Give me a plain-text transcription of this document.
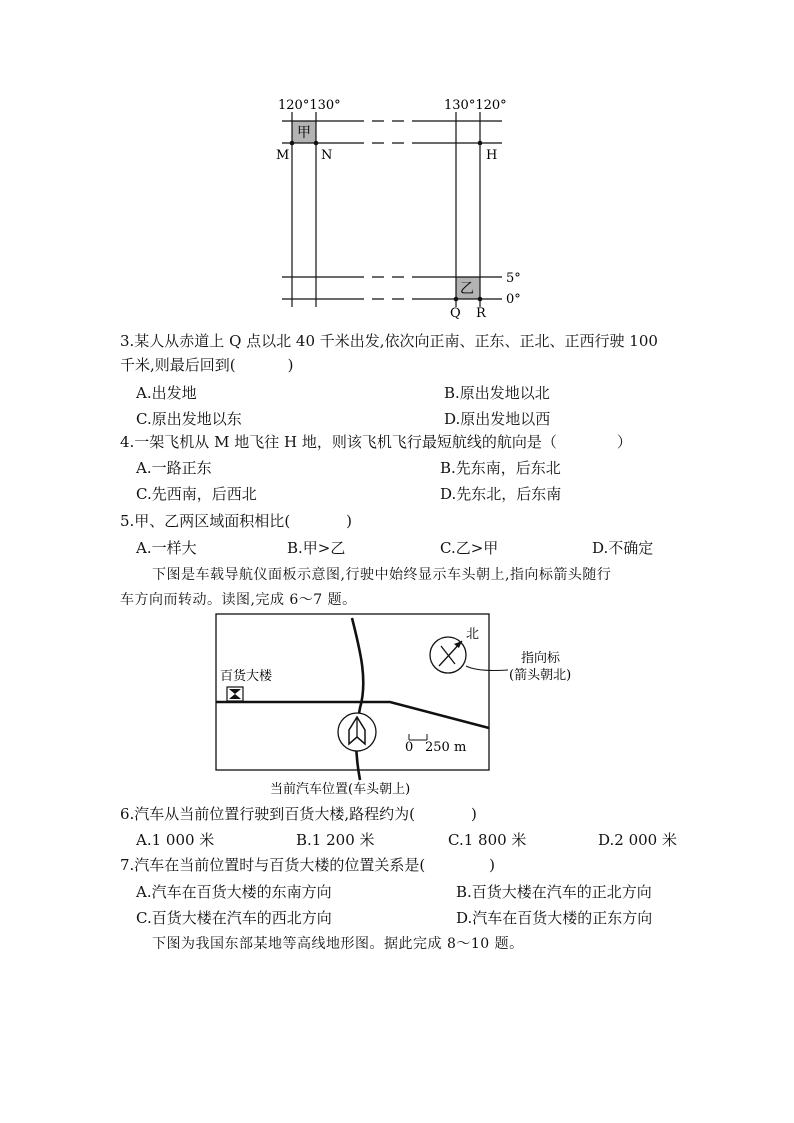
120°130°	130°120°
甲
乙
M N	H
Q R
5°
0°
3.某人从赤道上 Q 点以北 40 千米出发,依次向正南、正东、正北、正西行驶 100
千米,则最后回到(	)
A.出发地	B.原出发地以北
C.原出发地以东	D.原出发地以西
4.一架飞机从 M 地飞往 H 地，则该飞机飞行最短航线的航向是（	）
A.一路正东	B.先东南，后东北
C.先西南，后西北	D.先东北，后东南
5.甲、乙两区域面积相比(	)
A.一样大	B.甲>乙	C.乙>甲	D.不确定
下图是车载导航仪面板示意图,行驶中始终显示车头朝上,指向标箭头随行
车方向而转动。读图,完成 6～7 题。
百货大楼
北
指向标
(箭头朝北)
0 250 m
当前汽车位置(车头朝上)
6.汽车从当前位置行驶到百货大楼,路程约为(	)
A.1 000 米	B.1 200 米	C.1 800 米	D.2 000 米
7.汽车在当前位置时与百货大楼的位置关系是(	)
A.汽车在百货大楼的东南方向	B.百货大楼在汽车的正北方向
C.百货大楼在汽车的西北方向	D.汽车在百货大楼的正东方向
下图为我国东部某地等高线地形图。据此完成 8～10 题。
